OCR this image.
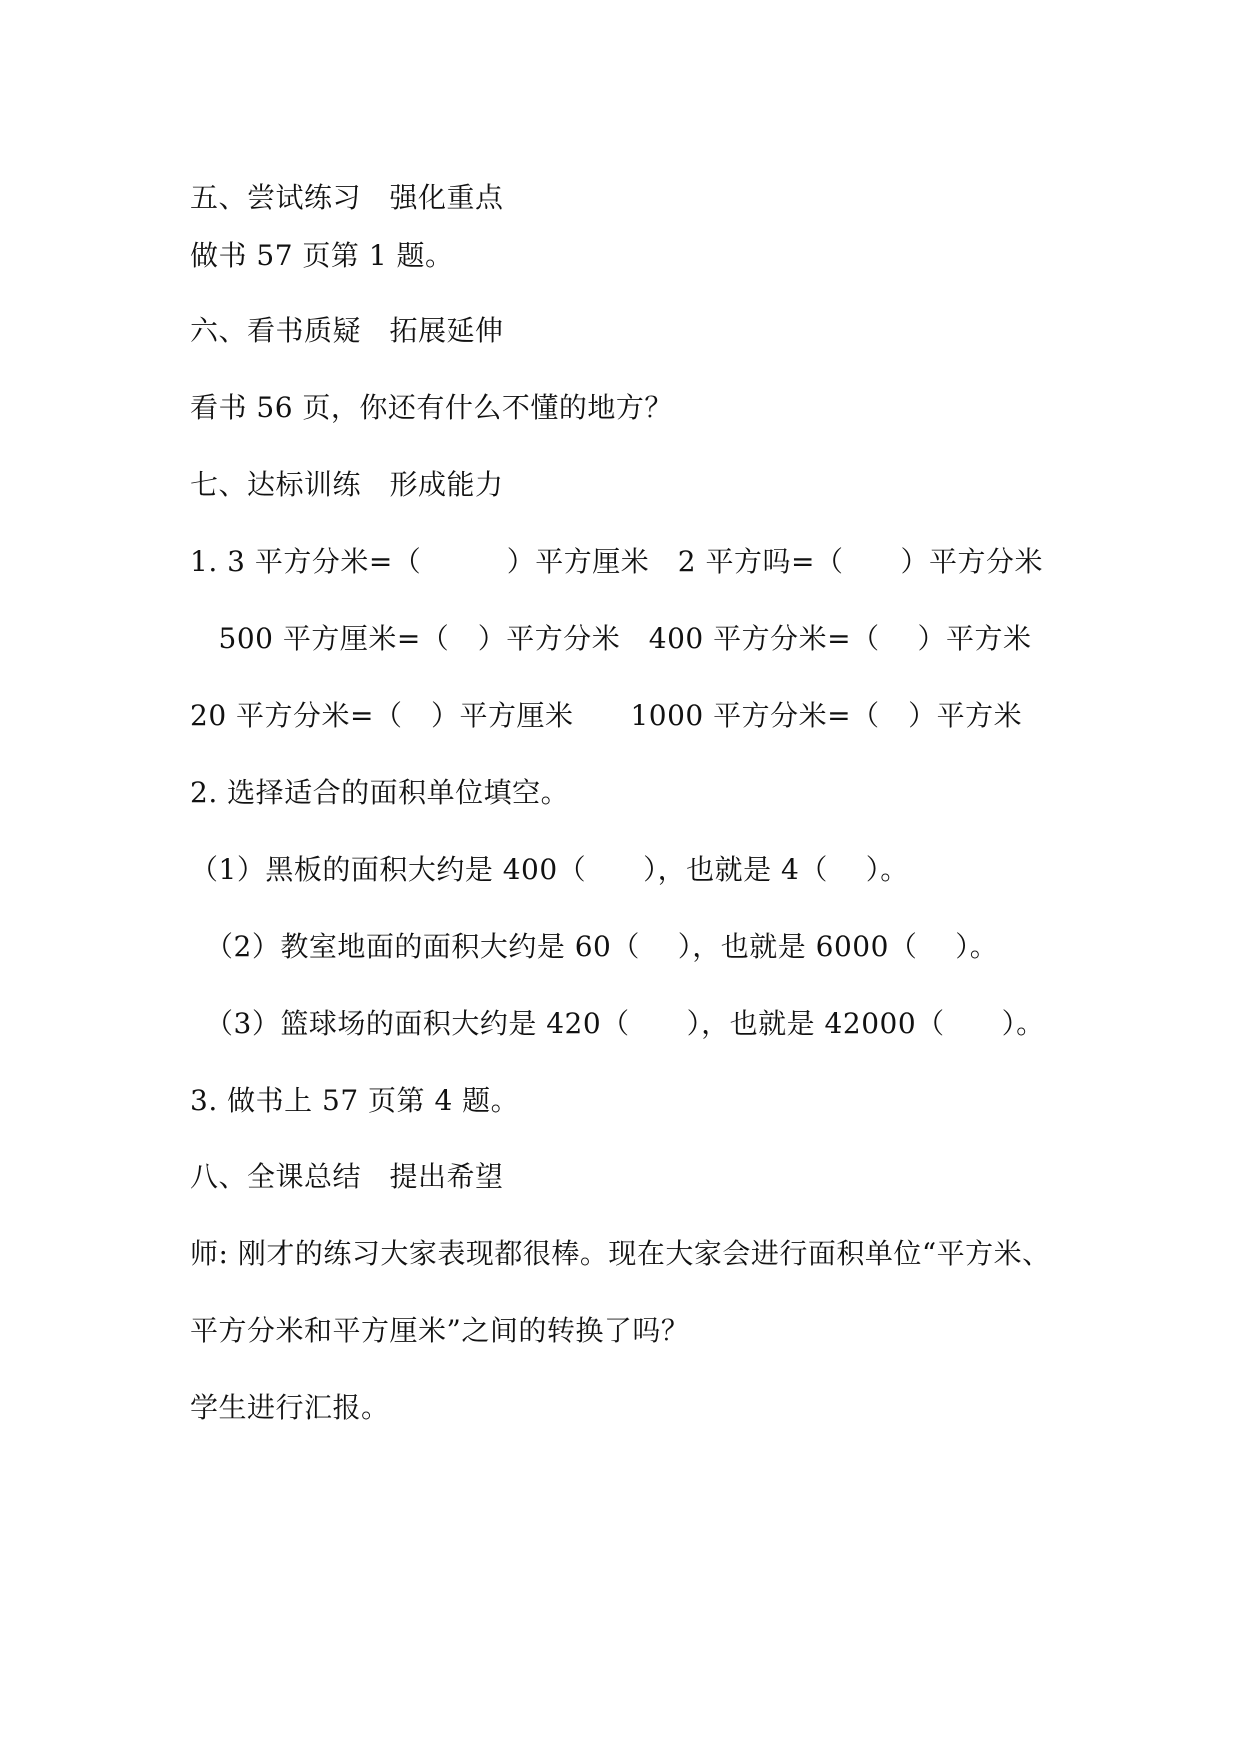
五、尝试练习　强化重点
做书 57 页第 1 题。
六、看书质疑　拓展延伸
看书 56 页，你还有什么不懂的地方？
七、达标训练　形成能力
1. 3 平方分米=（　　　）平方厘米　2 平方吗=（　　）平方分米
　500 平方厘米=（　）平方分米　400 平方分米=（　 ）平方米
20 平方分米=（　）平方厘米　　1000 平方分米=（　）平方米
2. 选择适合的面积单位填空。
（1）黑板的面积大约是 400（　　），也就是 4（　 ）。
（2）教室地面的面积大约是 60（　 ），也就是 6000（　 ）。
（3）篮球场的面积大约是 420（　　），也就是 42000（　　）。
3. 做书上 57 页第 4 题。
八、全课总结　提出希望
师: 刚才的练习大家表现都很棒。现在大家会进行面积单位“平方米、
平方分米和平方厘米”之间的转换了吗？
学生进行汇报。
